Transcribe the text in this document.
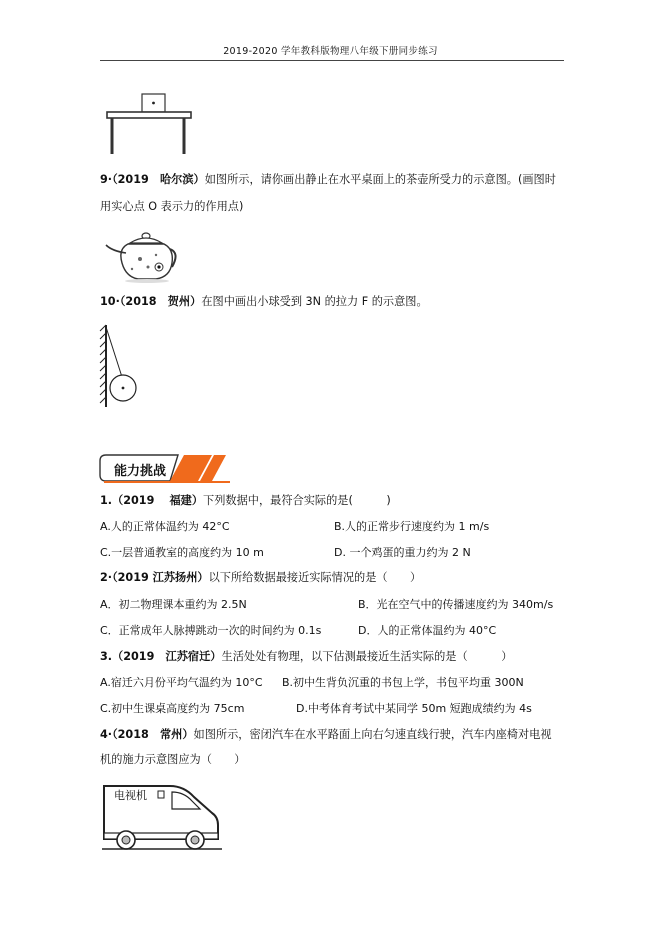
2019-2020 学年教科版物理八年级下册同步练习
9·（2019　哈尔滨）如图所示，请你画出静止在水平桌面上的茶壶所受力的示意图。(画图时
用实心点 O 表示力的作用点)
10·（2018　贺州）在图中画出小球受到 3N 的拉力 F 的示意图。
能力挑战
1.（2019　 福建）下列数据中，最符合实际的是(　　　)
A.人的正常体温约为 42°C	B.人的正常步行速度约为 1 m/s
C.一层普通教室的高度约为 10 m	D. 一个鸡蛋的重力约为 2 N
2·（2019 江苏扬州）以下所给数据最接近实际情况的是（　　）
A．初二物理课本重约为 2.5N	B．光在空气中的传播速度约为 340m/s
C．正常成年人脉搏跳动一次的时间约为 0.1s	D．人的正常体温约为 40°C
3.（2019　江苏宿迁）生活处处有物理，以下估测最接近生活实际的是（　　　）
A.宿迁六月份平均气温约为 10°C B.初中生背负沉重的书包上学，书包平均重 300N
C.初中生课桌高度约为 75cm	D.中考体育考试中某同学 50m 短跑成绩约为 4s
4·（2018　常州）如图所示，密闭汽车在水平路面上向右匀速直线行驶，汽车内座椅对电视
机的施力示意图应为（　　）
电视机
